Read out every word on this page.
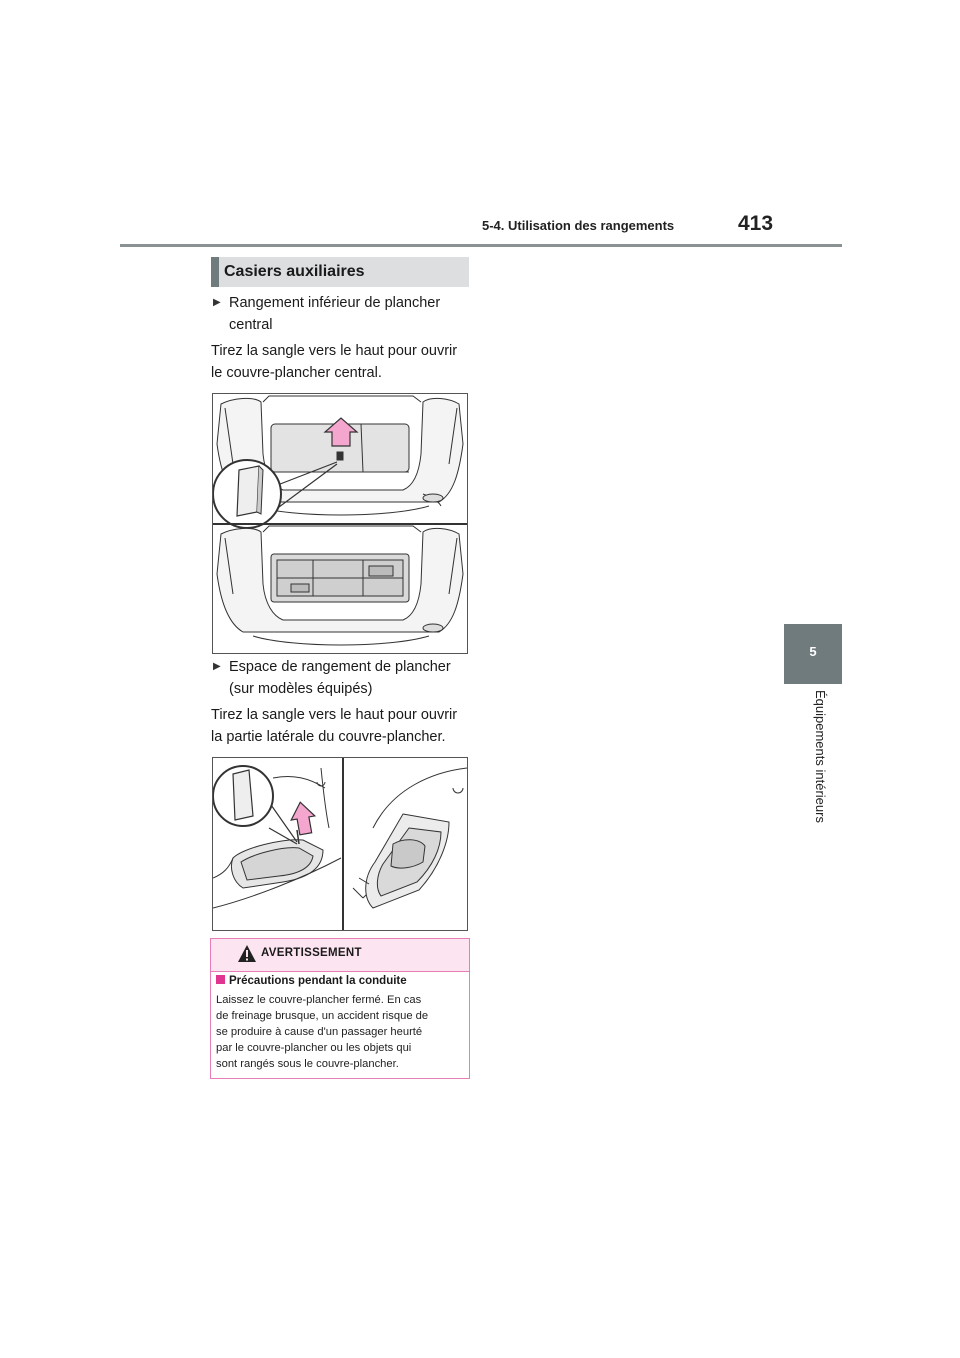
5-4. Utilisation des rangements	413
5
Équipements intérieurs
Casiers auxiliaires
▶ Rangement inférieur de plancher
central
Tirez la sangle vers le haut pour ouvrir
le couvre-plancher central.
▶ Espace de rangement de plancher
(sur modèles équipés)
Tirez la sangle vers le haut pour ouvrir
la partie latérale du couvre-plancher.
AVERTISSEMENT
Précautions pendant la conduite
Laissez le couvre-plancher fermé. En cas
de freinage brusque, un accident risque de
se produire à cause d'un passager heurté
par le couvre-plancher ou les objets qui
sont rangés sous le couvre-plancher.
